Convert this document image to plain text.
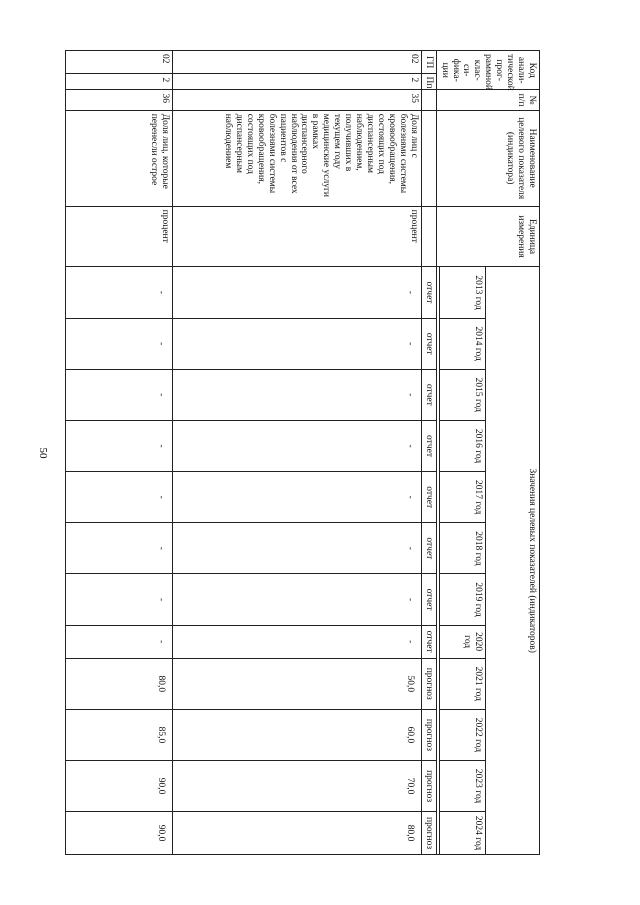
50
Код анали-тической прог-раммной клас-си-фика-ции		№ п/п	Наименование целевого показателя (индикатора)	Единица измерения	Значения целевых показателей (индикаторов)											
					2013 год	2014 год	2015 год	2016 год	2017 год	2018 год	2019 год	2020 год	2021 год	2022 год	2023 год	2024 год

ГП	Пп				отчет	отчет	отчет	отчет	отчет	отчет	отчет	отчет	прогноз	прогноз	прогноз	прогноз
02	2	35	Доля лиц с болезнями системы кровообращения, состоящих под диспансерным наблюдением, получивших в текущем году медицинские услуги в рамках диспансерного наблюдения от всех пациентов с болезнями системы кровообращения, состоящих под диспансерным наблюдением	процент	-	-	-	-	-	-	-	-	50,0	60,0	70,0	80,0
02	2	36	Доля лиц, которые перенесли острое	процент	-	-	-	-	-	-	-	-	80,0	85,0	90,0	90,0
